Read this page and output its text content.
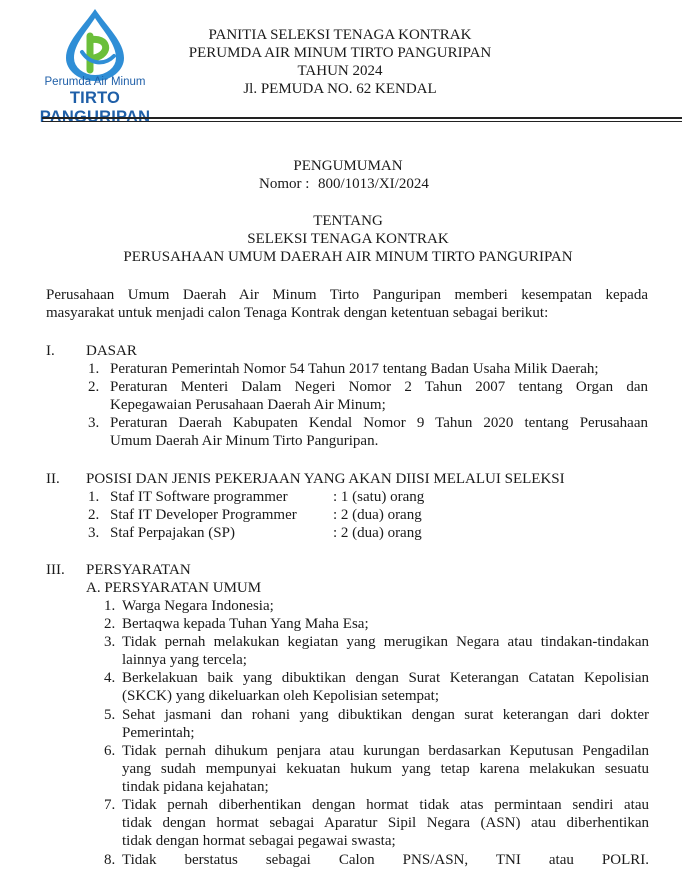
Perumda Air Minum
TIRTO PANGURIPAN
PANITIA SELEKSI TENAGA KONTRAK
PERUMDA AIR MINUM TIRTO PANGURIPAN
TAHUN 2024
Jl. PEMUDA NO. 62 KENDAL
PENGUMUMAN
Nomor : 800/1013/XI/2024
TENTANG
SELEKSI TENAGA KONTRAK
PERUSAHAAN UMUM DAERAH AIR MINUM TIRTO PANGURIPAN
Perusahaan Umum Daerah Air Minum Tirto Panguripan memberi kesempatan kepada
masyarakat untuk menjadi calon Tenaga Kontrak dengan ketentuan sebagai berikut:
I. DASAR
1. Peraturan Pemerintah Nomor 54 Tahun 2017 tentang Badan Usaha Milik Daerah;
2. Peraturan Menteri Dalam Negeri Nomor 2 Tahun 2007 tentang Organ dan
Kepegawaian Perusahaan Daerah Air Minum;
3. Peraturan Daerah Kabupaten Kendal Nomor 9 Tahun 2020 tentang Perusahaan
Umum Daerah Air Minum Tirto Panguripan.
II. POSISI DAN JENIS PEKERJAAN YANG AKAN DIISI MELALUI SELEKSI
1. Staf IT Software programmer	: 1 (satu) orang
2. Staf IT Developer Programmer : 2 (dua) orang
3. Staf Perpajakan (SP)	: 2 (dua) orang
III. PERSYARATAN
A. PERSYARATAN UMUM
1. Warga Negara Indonesia;
2. Bertaqwa kepada Tuhan Yang Maha Esa;
3. Tidak pernah melakukan kegiatan yang merugikan Negara atau tindakan-tindakan
lainnya yang tercela;
4. Berkelakuan baik yang dibuktikan dengan Surat Keterangan Catatan Kepolisian
(SKCK) yang dikeluarkan oleh Kepolisian setempat;
5. Sehat jasmani dan rohani yang dibuktikan dengan surat keterangan dari dokter
Pemerintah;
6. Tidak pernah dihukum penjara atau kurungan berdasarkan Keputusan Pengadilan
yang sudah mempunyai kekuatan hukum yang tetap karena melakukan sesuatu
tindak pidana kejahatan;
7. Tidak pernah diberhentikan dengan hormat tidak atas permintaan sendiri atau
tidak dengan hormat sebagai Aparatur Sipil Negara (ASN) atau diberhentikan
tidak dengan hormat sebagai pegawai swasta;
8. Tidak berstatus sebagai Calon PNS/ASN, TNI atau POLRI.
